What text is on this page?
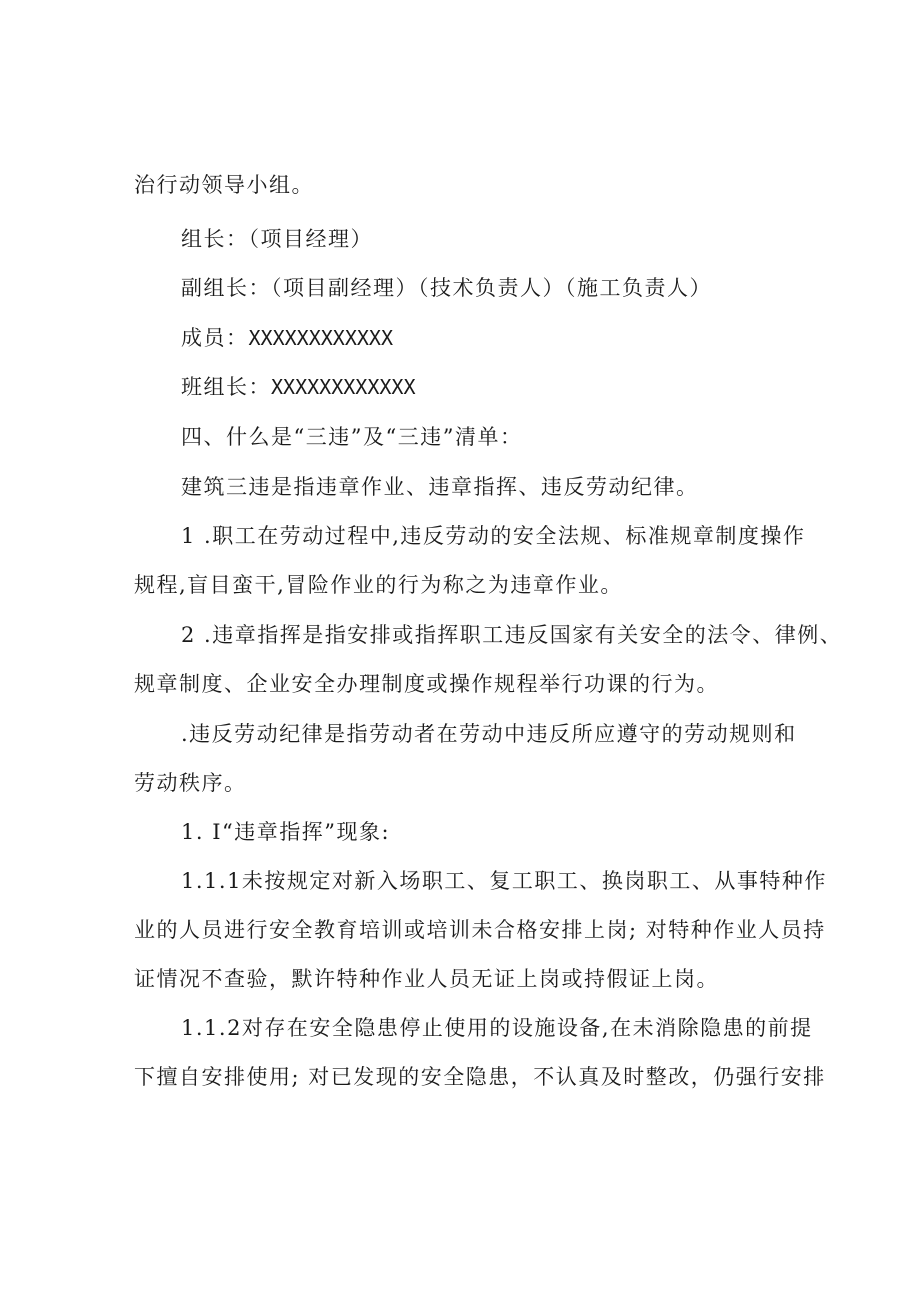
治行动领导小组。
组长：（项目经理）
副组长：（项目副经理）（技术负责人）（施工负责人）
成员：XXXXXXXXXXXX
班组长：XXXXXXXXXXXX
四、什么是“三违”及“三违”清单：
建筑三违是指违章作业、违章指挥、违反劳动纪律。
1 .职工在劳动过程中,违反劳动的安全法规、标准规章制度操作
规程,盲目蛮干,冒险作业的行为称之为违章作业。
2 .违章指挥是指安排或指挥职工违反国家有关安全的法令、律例、
规章制度、企业安全办理制度或操作规程举行功课的行为。
.违反劳动纪律是指劳动者在劳动中违反所应遵守的劳动规则和
劳动秩序。
1. I“违章指挥”现象:
1.1.1未按规定对新入场职工、复工职工、换岗职工、从事特种作
业的人员进行安全教育培训或培训未合格安排上岗; 对特种作业人员持
证情况不查验，默许特种作业人员无证上岗或持假证上岗。
1.1.2对存在安全隐患停止使用的设施设备,在未消除隐患的前提
下擅自安排使用; 对已发现的安全隐患，不认真及时整改，仍强行安排
